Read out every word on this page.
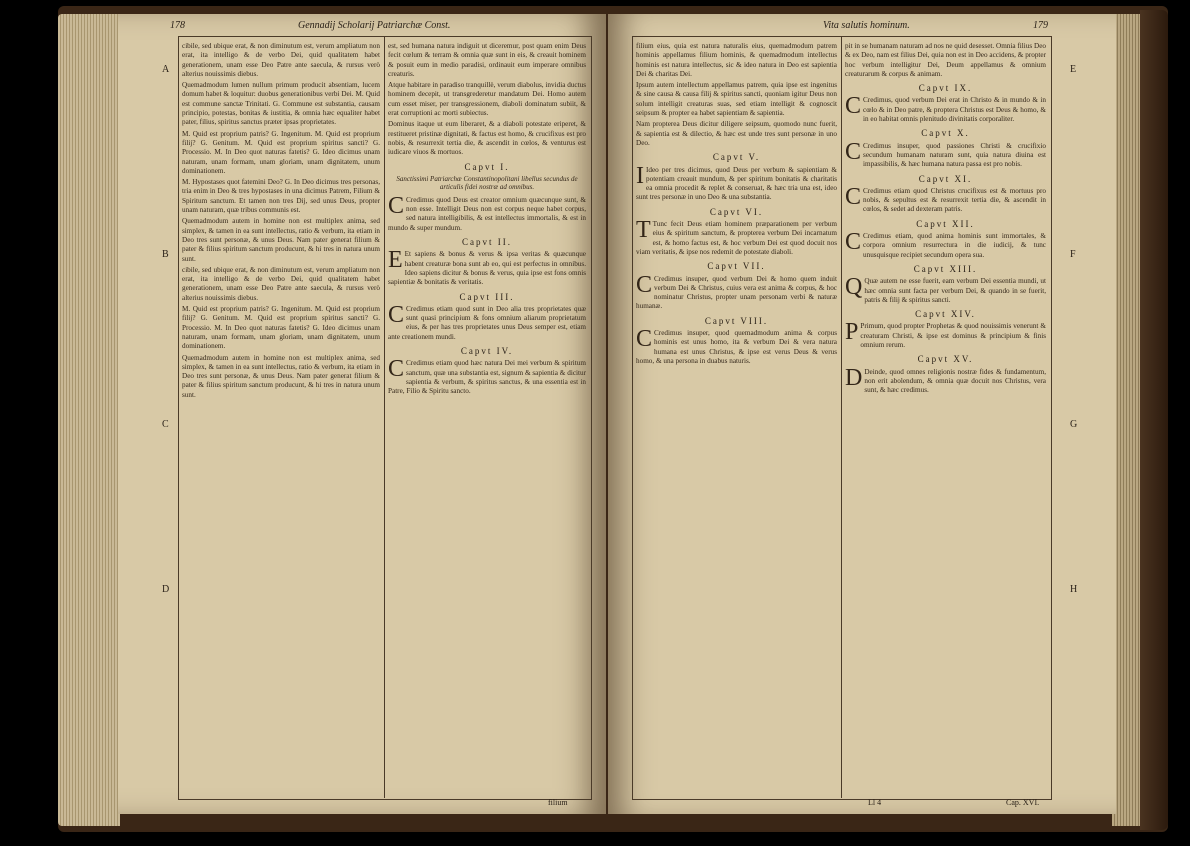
178	Gennadij Scholarij Patriarchæ Const.
A
B
C
D

cibile, sed ubique erat, & non diminutum est, verum ampliatum non erat, ita intelligo & de verbo Dei, quid qualitatem habet generationem, unam esse Deo Patre ante saecula, & rursus verò alterius nouissimis diebus.

Quemadmodum lumen nullum primum producit absentiam, lucem domum habet & loquitur: duobus generationibus verbi Dei. M. Quid est commune sanctæ Trinitati. G. Commune est substantia, causam principio, potestas, bonitas & iustitia, & omnia hæc equaliter habet pater, filius, spiritus sanctus præter ipsas proprietates.

M. Quid est proprium patris? G. Ingenitum. M. Quid est proprium filij? G. Genitum. M. Quid est proprium spiritus sancti? G. Processio. M. In Deo quot naturas fatetis? G. Ideo dicimus unam naturam, unam formam, unam gloriam, unam dignitatem, unum dominationem.

M. Hypostases quot fatemini Deo? G. In Deo dicimus tres personas, tria enim in Deo & tres hypostases in una dicimus Patrem, Filium & Spiritum sanctum. Et tamen non tres Dij, sed unus Deus, propter unam naturam, quæ tribus communis est.

Quemadmodum autem in homine non est multiplex anima, sed simplex, & tamen in ea sunt intellectus, ratio & verbum, ita etiam in Deo tres sunt personæ, & unus Deus. Nam pater generat filium & pater & filius spiritum sanctum producunt, & hi tres in natura unum sunt.

cibile, sed ubique erat, & non diminutum est, verum ampliatum non erat, ita intelligo & de verbo Dei, quid qualitatem habet generationem, unam esse Deo Patre ante saecula, & rursus verò alterius nouissimis diebus.

M. Quid est proprium patris? G. Ingenitum. M. Quid est proprium filij? G. Genitum. M. Quid est proprium spiritus sancti? G. Processio. M. In Deo quot naturas fatetis? G. Ideo dicimus unam naturam, unam formam, unam gloriam, unam dignitatem, unum dominationem.

Quemadmodum autem in homine non est multiplex anima, sed simplex, & tamen in ea sunt intellectus, ratio & verbum, ita etiam in Deo tres sunt personæ, & unus Deus. Nam pater generat filium & pater & filius spiritum sanctum producunt, & hi tres in natura unum sunt.

est, sed humana natura indiguit ut diceremur, post quam enim Deus fecit cœlum & terram & omnia quæ sunt in eis, & creauit hominem & posuit eum in medio paradisi, ordinauit eum imperare omnibus creaturis.

Atque habitare in paradiso tranquillè, verum diabolus, invidia ductus hominem decepit, ut transgrederetur mandatum Dei. Homo autem cum esset miser, per transgressionem, diaboli dominatum subiit, & erat corruptioni ac morti subiectus.

Dominus itaque ut eum liberaret, & a diaboli potestate eriperet, & restitueret pristinæ dignitati, & factus est homo, & crucifixus est pro nobis, & resurrexit tertia die, & ascendit in cœlos, & venturus est iudicare viuos & mortuos.

Capvt I.
Sanctissimi Patriarchæ Constantinopolitani libellus secundus de articulis fidei nostræ ad omnibus.

C Credimus quod Deus est creator omnium quæcunque sunt, & non esse. Intelligit Deus non est corpus neque habet corpus, sed natura intelligibilis, & est intellectus immortalis, & est in mundo & super mundum.

Capvt II.

E Et sapiens & bonus & verus & ipsa veritas & quæcunque habent creaturæ bona sunt ab eo, qui est perfectus in omnibus. Ideo sapiens dicitur & bonus & verus, quia ipse est fons omnis sapientiæ & bonitatis & veritatis.

Capvt III.

C Credimus etiam quod sunt in Deo alia tres proprietates quæ sunt quasi principium & fons omnium aliarum proprietatum eius, & per has tres proprietates unus Deus semper est, etiam ante creationem mundi.

Capvt IV.

C Credimus etiam quod hæc natura Dei mei verbum & spiritum sanctum, quæ una substantia est, signum & sapientia & dicitur sapientia & verbum, & spiritus sanctus, & una essentia est in Patre, Filio & Spiritu sancto.

filium
Vita salutis hominum.	179
E
F
G
H

filium eius, quia est natura naturalis eius, quemadmodum patrem hominis appellamus filium hominis, & quemadmodum intellectus hominis est natura intellectus, sic & ideo natura in Deo est sapientia Dei & charitas Dei.

Ipsum autem intellectum appellamus patrem, quia ipse est ingenitus & sine causa & causa filij & spiritus sancti, quoniam igitur Deus non solum intelligit creaturas suas, sed etiam intelligit & cognoscit seipsum & propter ea habet sapientiam & sapientia.

Nam propterea Deus dicitur diligere seipsum, quomodo nunc fuerit, & sapientia est & dilectio, & hæc est unde tres sunt personæ in uno Deo.

Capvt V.

I Ideo per tres dicimus, quod Deus per verbum & sapientiam & potentiam creauit mundum, & per spiritum bonitatis & charitatis ea omnia procedit & replet & conseruat, & hæc tria una est, ideo sunt tres personæ in uno Deo & una substantia.

Capvt VI.

T Tunc fecit Deus etiam hominem præparationem per verbum eius & spiritum sanctum, & propterea verbum Dei incarnatum est, & homo factus est, & hoc verbum Dei est quod docuit nos viam veritatis, & ipse nos redemit de potestate diaboli.

Capvt VII.

C Credimus insuper, quod verbum Dei & homo quem induit verbum Dei & Christus, cuius vera est anima & corpus, & hoc nominatur Christus, propter unam personam verbi & naturæ humanæ.

Capvt VIII.

C Credimus insuper, quod quemadmodum anima & corpus hominis est unus homo, ita & verbum Dei & vera natura humana est unus Christus, & ipse est verus Deus & verus homo, & una persona in duabus naturis.

pit in se humanam naturam ad nos ne quid desesset. Omnia filius Deo & ex Deo, nam est filius Dei, quia non est in Deo accidens, & propter hoc verbum intelligitur Dei, Deum appellamus & omnium creaturarum & corpus & animam.

Capvt IX.

C Credimus, quod verbum Dei erat in Christo & in mundo & in cœlo & in Deo patre, & proptera Christus est Deus & homo, & in eo habitat omnis plenitudo divinitatis corporaliter.

Capvt X.

C Credimus insuper, quod passiones Christi & crucifixio secundum humanam naturam sunt, quia natura diuina est impassibilis, & hæc humana natura passa est pro nobis.

Capvt XI.

C Credimus etiam quod Christus crucifixus est & mortuus pro nobis, & sepultus est & resurrexit tertia die, & ascendit in cœlos, & sedet ad dexteram patris.

Capvt XII.

C Credimus etiam, quod anima hominis sunt immortales, & corpora omnium resurrectura in die iudicij, & tunc unusquisque recipiet secundum opera sua.

Capvt XIII.

Q Quæ autem ne esse fuerit, eam verbum Dei essentia mundi, ut hæc omnia sunt facta per verbum Dei, & quando in se fuerit, patris & filij & spiritus sancti.

Capvt XIV.

P Primum, quod propter Prophetas & quod nouissimis venerunt & creaturam Christi, & ipse est dominus & principium & finis omnium rerum.

Capvt XV.

D Deinde, quod omnes religionis nostræ fides & fundamentum, non erit abolendum, & omnia quæ docuit nos Christus, vera sunt, & hæc credimus.

Ll 4	Cap. XVI.
